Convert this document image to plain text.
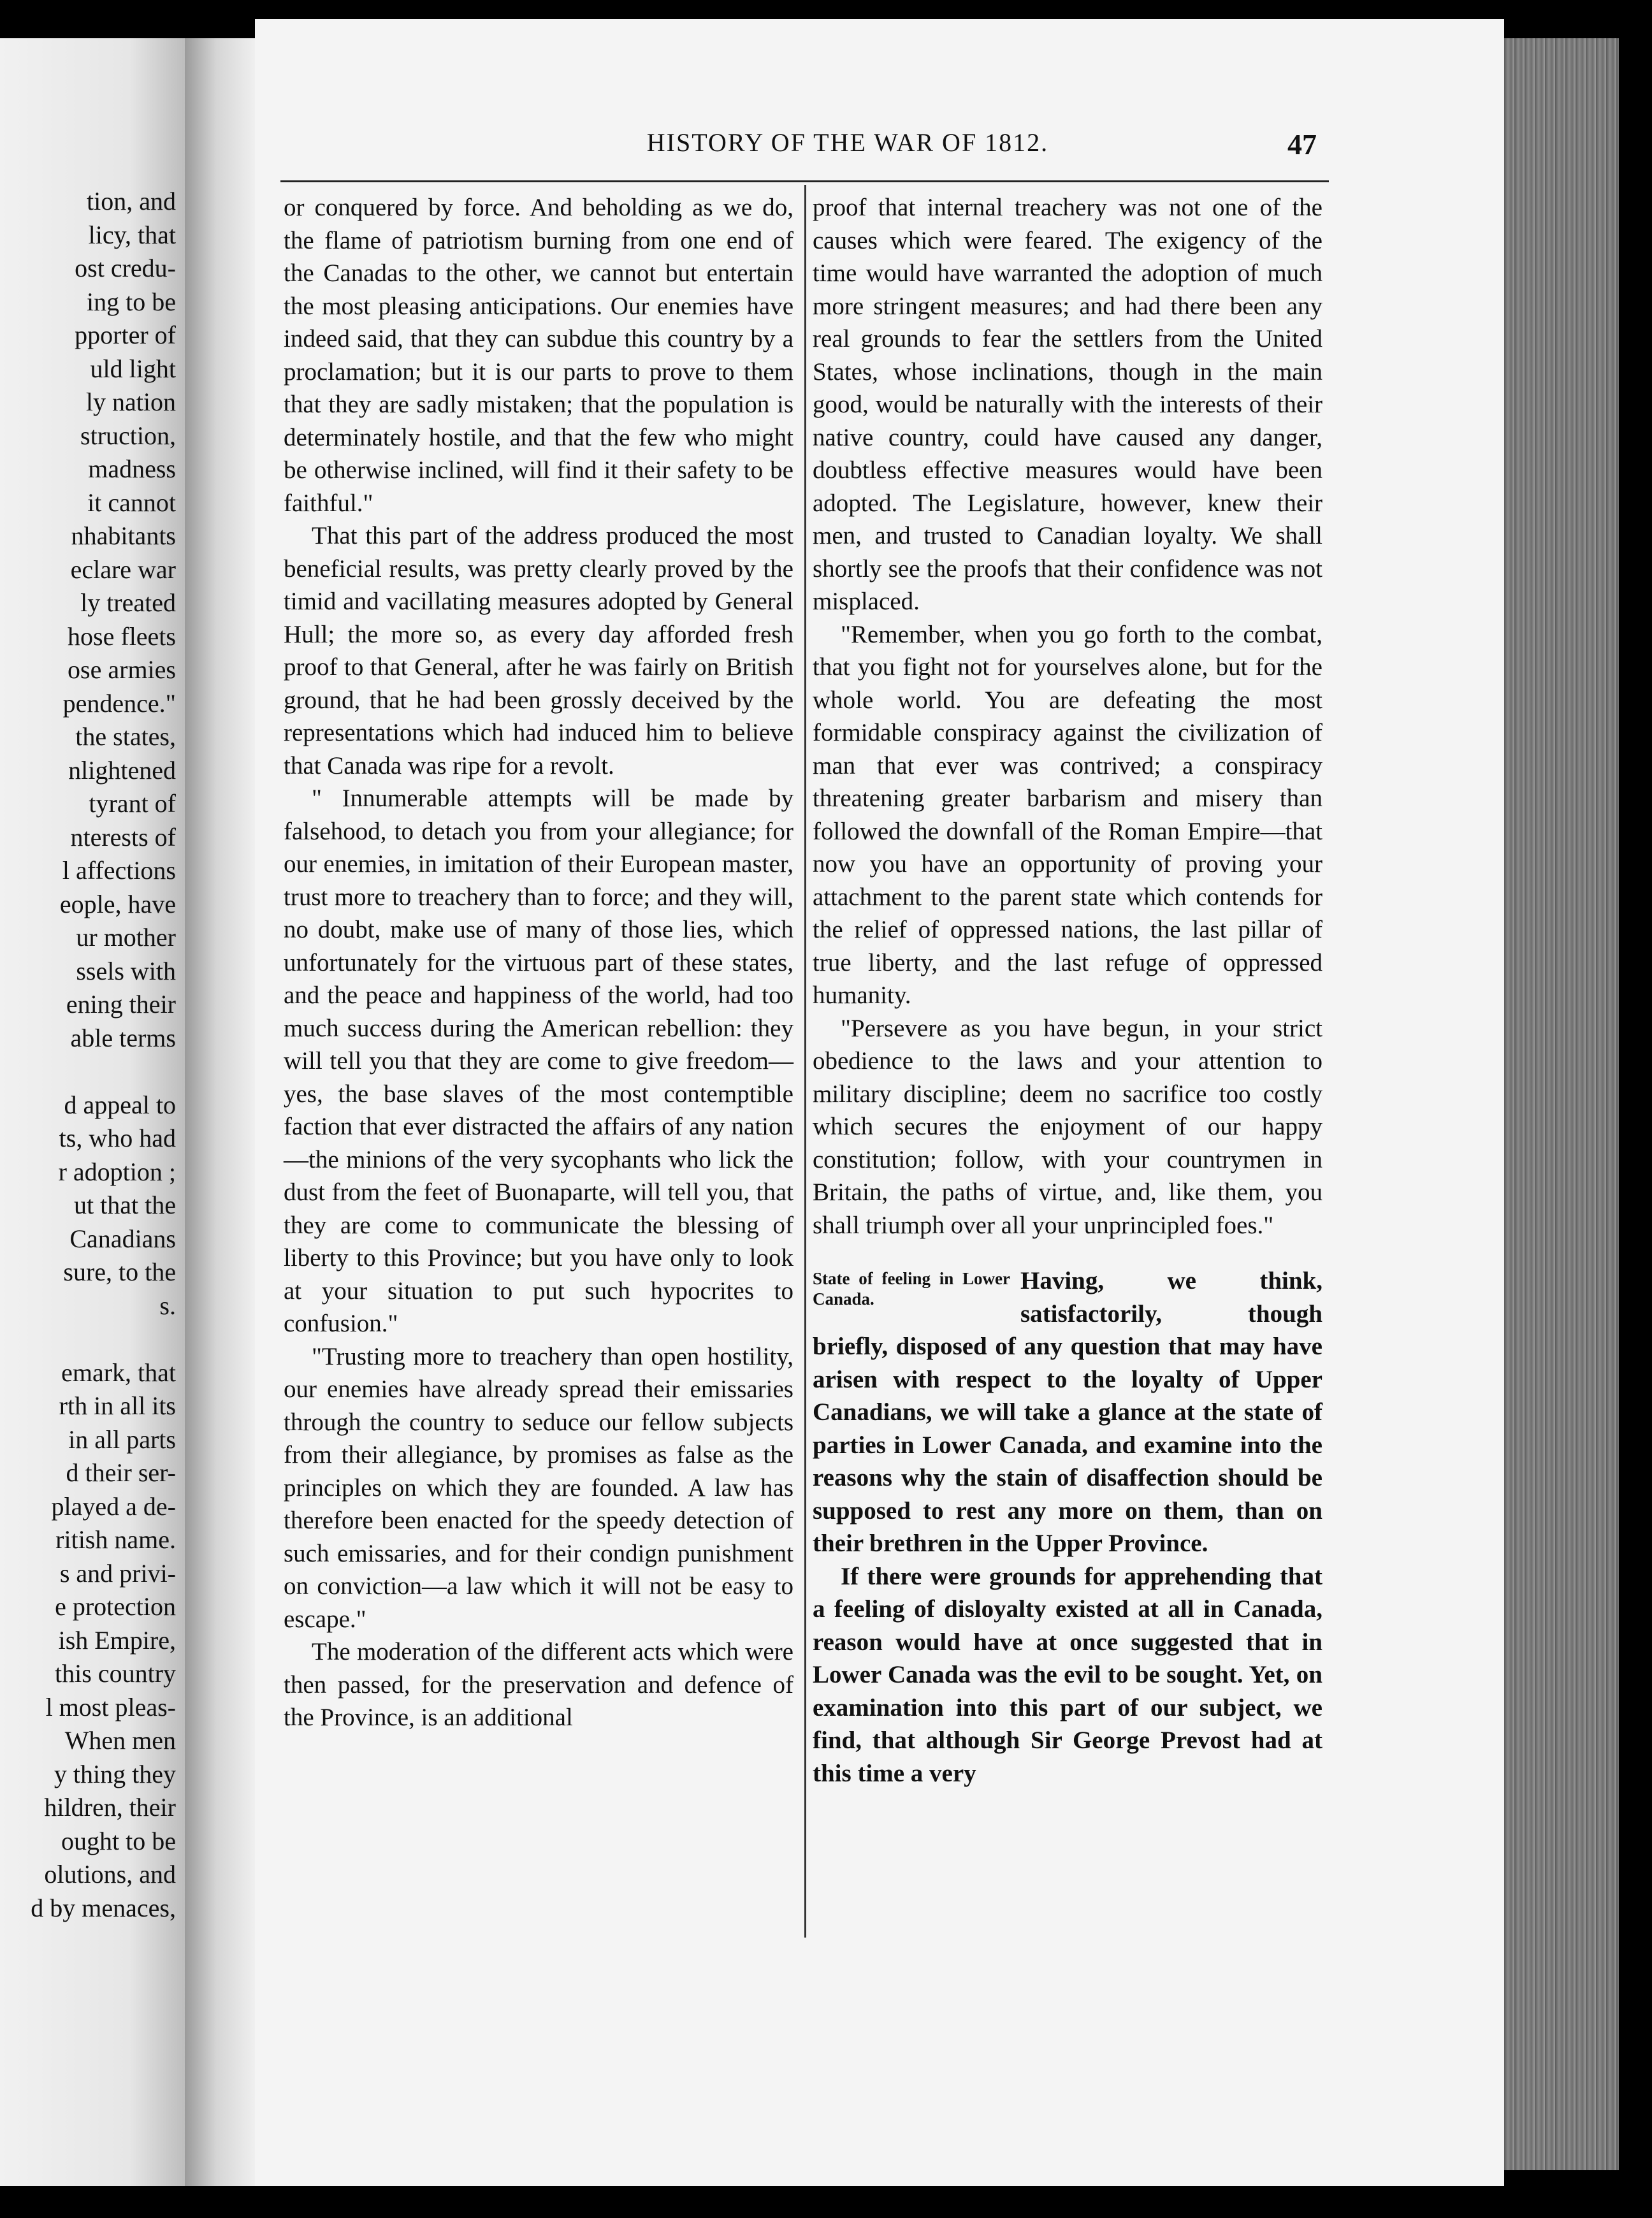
tion, and
licy, that
ost credu-
ing to be
pporter of
uld light
ly nation
struction,
madness
it cannot
nhabitants
eclare war
ly treated
hose fleets
ose armies
pendence."
the states,
nlightened
tyrant of
nterests of
l affections
eople, have
ur mother
ssels with
ening their
able terms
d appeal to
ts, who had
r adoption ;
ut that the
Canadians
sure, to the
s.
emark, that
rth in all its
in all parts
d their ser-
played a de-
ritish name.
s and privi-
e protection
ish Empire,
this country
l most pleas-
When men
y thing they
hildren, their
ought to be
olutions, and
d by menaces,
HISTORY OF THE WAR OF 1812.	47

or conquered by force. And beholding as we do, the flame of patriotism burning from one end of the Canadas to the other, we cannot but entertain the most pleasing anticipations. Our enemies have indeed said, that they can subdue this country by a proclamation; but it is our parts to prove to them that they are sadly mistaken; that the population is determinately hostile, and that the few who might be otherwise inclined, will find it their safety to be faithful."

That this part of the address produced the most beneficial results, was pretty clearly proved by the timid and vacillating measures adopted by General Hull; the more so, as every day afforded fresh proof to that General, after he was fairly on British ground, that he had been grossly deceived by the representations which had induced him to believe that Canada was ripe for a revolt.

" Innumerable attempts will be made by falsehood, to detach you from your allegiance; for our enemies, in imitation of their European master, trust more to treachery than to force; and they will, no doubt, make use of many of those lies, which unfortunately for the virtuous part of these states, and the peace and happiness of the world, had too much success during the American rebellion: they will tell you that they are come to give freedom—yes, the base slaves of the most contemptible faction that ever distracted the affairs of any nation—the minions of the very sycophants who lick the dust from the feet of Buonaparte, will tell you, that they are come to communicate the blessing of liberty to this Province; but you have only to look at your situation to put such hypocrites to confusion."

"Trusting more to treachery than open hostility, our enemies have already spread their emissaries through the country to seduce our fellow subjects from their allegiance, by promises as false as the principles on which they are founded. A law has therefore been enacted for the speedy detection of such emissaries, and for their condign punishment on conviction—a law which it will not be easy to escape."

The moderation of the different acts which were then passed, for the preservation and defence of the Province, is an additional

proof that internal treachery was not one of the causes which were feared. The exigency of the time would have warranted the adoption of much more stringent measures; and had there been any real grounds to fear the settlers from the United States, whose inclinations, though in the main good, would be naturally with the interests of their native country, could have caused any danger, doubtless effective measures would have been adopted. The Legislature, however, knew their men, and trusted to Canadian loyalty. We shall shortly see the proofs that their confidence was not misplaced.

"Remember, when you go forth to the combat, that you fight not for yourselves alone, but for the whole world. You are defeating the most formidable conspiracy against the civilization of man that ever was contrived; a conspiracy threatening greater barbarism and misery than followed the downfall of the Roman Empire—that now you have an opportunity of proving your attachment to the parent state which contends for the relief of oppressed nations, the last pillar of true liberty, and the last refuge of oppressed humanity.

"Persevere as you have begun, in your strict obedience to the laws and your attention to military discipline; deem no sacrifice too costly which secures the enjoyment of our happy constitution; follow, with your countrymen in Britain, the paths of virtue, and, like them, you shall triumph over all your unprincipled foes."

State of feeling in Lower Canada.

Having, we think, satisfactorily, though briefly, disposed of any question that may have arisen with respect to the loyalty of Upper Canadians, we will take a glance at the state of parties in Lower Canada, and examine into the reasons why the stain of disaffection should be supposed to rest any more on them, than on their brethren in the Upper Province.

If there were grounds for apprehending that a feeling of disloyalty existed at all in Canada, reason would have at once suggested that in Lower Canada was the evil to be sought. Yet, on examination into this part of our subject, we find, that although Sir George Prevost had at this time a very
